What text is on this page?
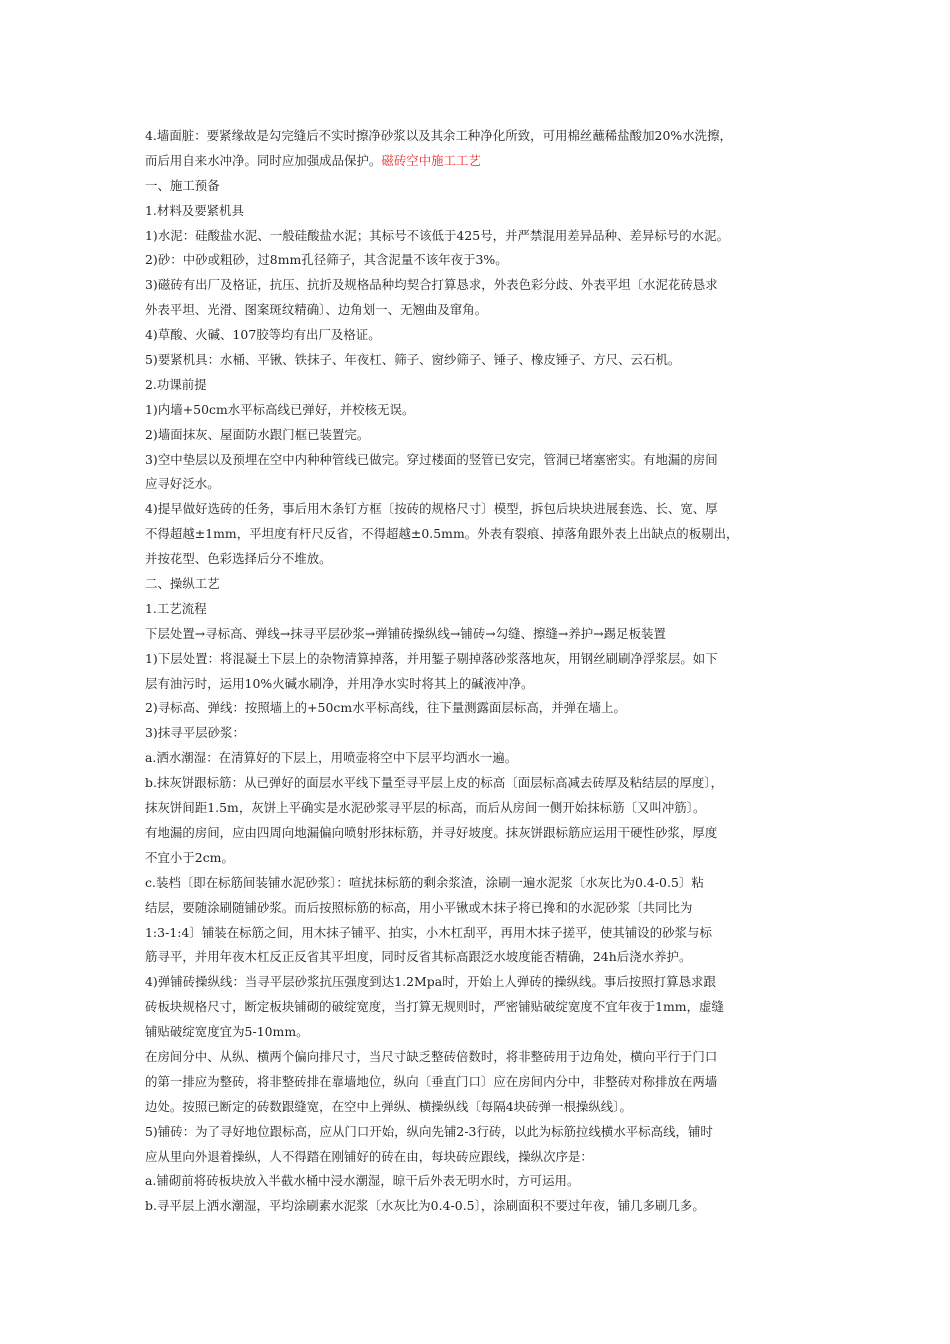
4.墙面脏：要紧缘故是勾完缝后不实时擦净砂浆以及其余工种净化所致，可用棉丝蘸稀盐酸加20%水洗擦，
而后用自来水冲净。同时应加强成品保护。磁砖空中施工工艺
一、施工预备
1.材料及要紧机具
1)水泥：硅酸盐水泥、一般硅酸盐水泥；其标号不该低于425号，并严禁混用差异品种、差异标号的水泥。
2)砂：中砂或粗砂，过8mm孔径筛子，其含泥量不该年夜于3%。
3)磁砖有出厂及格证，抗压、抗折及规格品种均契合打算恳求，外表色彩分歧、外表平坦〔水泥花砖恳求
外表平坦、光滑、图案斑纹精确〕、边角划一、无翘曲及窜角。
4)草酸、火碱、107胶等均有出厂及格证。
5)要紧机具：水桶、平锹、铁抹子、年夜杠、筛子、窗纱筛子、锤子、橡皮锤子、方尺、云石机。
2.功课前提
1)内墙+50cm水平标高线已弹好，并校核无误。
2)墙面抹灰、屋面防水跟门框已装置完。
3)空中垫层以及预埋在空中内种种管线已做完。穿过楼面的竖管已安完，管洞已堵塞密实。有地漏的房间
应寻好泛水。
4)提早做好选砖的任务，事后用木条钉方框〔按砖的规格尺寸〕模型，拆包后块块进展套选、长、宽、厚
不得超越±1mm，平坦度有杆尺反省，不得超越±0.5mm。外表有裂痕、掉落角跟外表上出缺点的板剔出，
并按花型、色彩选择后分不堆放。
二、操纵工艺
1.工艺流程
下层处置→寻标高、弹线→抹寻平层砂浆→弹铺砖操纵线→铺砖→勾缝、擦缝→养护→踢足板装置
1)下层处置：将混凝土下层上的杂物清算掉落，并用錾子剔掉落砂浆落地灰，用钢丝刷刷净浮浆层。如下
层有油污时，运用10%火碱水刷净，并用净水实时将其上的碱液冲净。
2)寻标高、弹线：按照墙上的+50cm水平标高线，往下量测露面层标高，并弹在墙上。
3)抹寻平层砂浆：
a.洒水潮湿：在清算好的下层上，用喷壶将空中下层平均洒水一遍。
b.抹灰饼跟标筋：从已弹好的面层水平线下量至寻平层上皮的标高〔面层标高减去砖厚及粘结层的厚度〕，
抹灰饼间距1.5m，灰饼上平确实是水泥砂浆寻平层的标高，而后从房间一侧开始抹标筋〔又叫冲筋〕。
有地漏的房间，应由四周向地漏偏向喷射形抹标筋，并寻好坡度。抹灰饼跟标筋应运用干硬性砂浆，厚度
不宜小于2cm。
c.装档〔即在标筋间装铺水泥砂浆〕：喧扰抹标筋的剩余浆渣，涂刷一遍水泥浆〔水灰比为0.4-0.5〕粘
结层，要随涂刷随铺砂浆。而后按照标筋的标高，用小平锹或木抹子将已搀和的水泥砂浆〔共同比为
1:3-1:4〕铺装在标筋之间，用木抹子铺平、拍实，小木杠刮平，再用木抹子搓平，使其铺设的砂浆与标
筋寻平，并用年夜木杠反正反省其平坦度，同时反省其标高跟泛水坡度能否精确，24h后浇水养护。
4)弹铺砖操纵线：当寻平层砂浆抗压强度到达1.2Mpa时，开始上人弹砖的操纵线。事后按照打算恳求跟
砖板块规格尺寸，断定板块铺砌的破绽宽度，当打算无规则时，严密铺贴破绽宽度不宜年夜于1mm，虚缝
铺贴破绽宽度宜为5-10mm。
在房间分中、从纵、横两个偏向排尺寸，当尺寸缺乏整砖倍数时，将非整砖用于边角处，横向平行于门口
的第一排应为整砖，将非整砖排在靠墙地位，纵向〔垂直门口〕应在房间内分中，非整砖对称排放在两墙
边处。按照已断定的砖数跟缝宽，在空中上弹纵、横操纵线〔每隔4块砖弹一根操纵线〕。
5)铺砖：为了寻好地位跟标高，应从门口开始，纵向先铺2-3行砖，以此为标筋拉线横水平标高线，铺时
应从里向外退着操纵，人不得踏在刚铺好的砖在由，每块砖应跟线，操纵次序是：
a.铺砌前将砖板块放入半截水桶中浸水潮湿，晾干后外表无明水时，方可运用。
b.寻平层上洒水潮湿，平均涂刷素水泥浆〔水灰比为0.4-0.5〕，涂刷面积不要过年夜，铺几多刷几多。
